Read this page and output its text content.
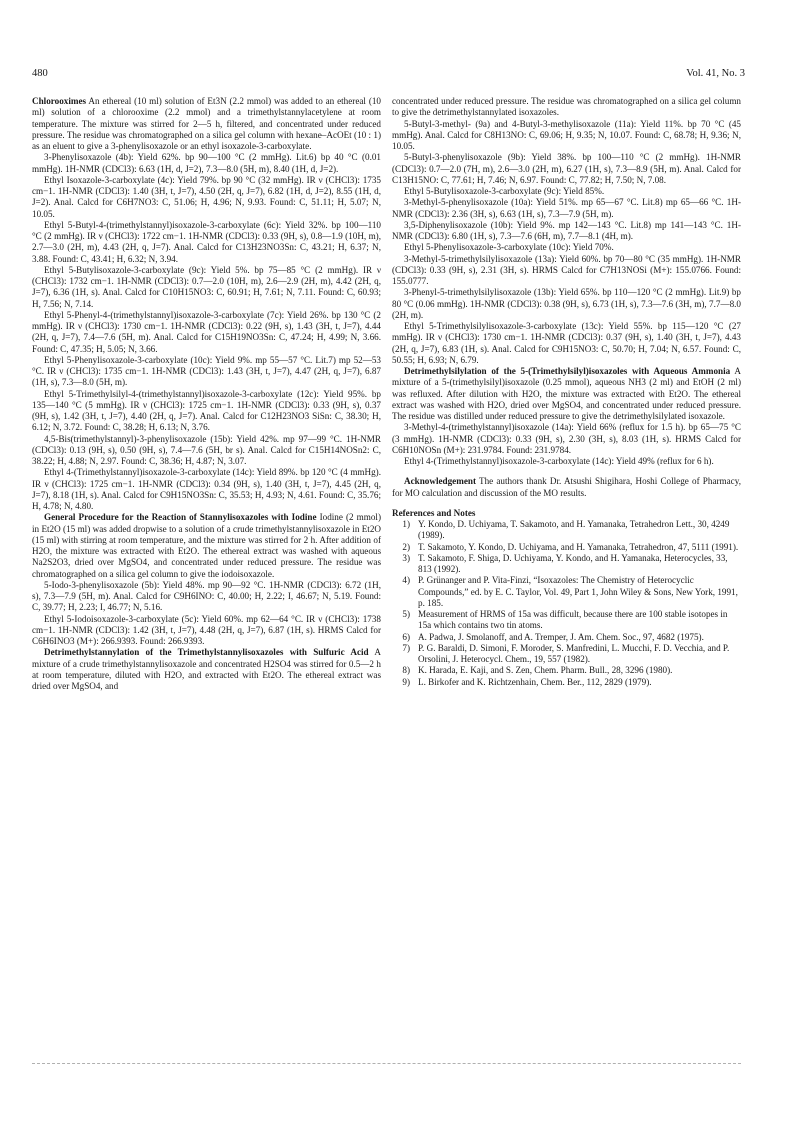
480	Vol. 41, No. 3

Chlorooximes An ethereal (10 ml) solution of Et3N (2.2 mmol) was added to an ethereal (10 ml) solution of a chlorooxime (2.2 mmol) and a trimethylstannylacetylene at room temperature. The mixture was stirred for 2—5 h, filtered, and concentrated under reduced pressure. The residue was chromatographed on a silica gel column with hexane–AcOEt (10 : 1) as an eluent to give a 3-phenylisoxazole or an ethyl isoxazole-3-carboxylate.

3-Phenylisoxazole (4b): Yield 62%. bp 90—100 °C (2 mmHg). Lit.6) bp 40 °C (0.01 mmHg). 1H-NMR (CDCl3): 6.63 (1H, d, J=2), 7.3—8.0 (5H, m), 8.40 (1H, d, J=2).

Ethyl Isoxazole-3-carboxylate (4c): Yield 79%. bp 90 °C (32 mmHg). IR ν (CHCl3): 1735 cm−1. 1H-NMR (CDCl3): 1.40 (3H, t, J=7), 4.50 (2H, q, J=7), 6.82 (1H, d, J=2), 8.55 (1H, d, J=2). Anal. Calcd for C6H7NO3: C, 51.06; H, 4.96; N, 9.93. Found: C, 51.11; H, 5.07; N, 10.05.

Ethyl 5-Butyl-4-(trimethylstannyl)isoxazole-3-carboxylate (6c): Yield 32%. bp 100—110 °C (2 mmHg). IR ν (CHCl3): 1722 cm−1. 1H-NMR (CDCl3): 0.33 (9H, s), 0.8—1.9 (10H, m), 2.7—3.0 (2H, m), 4.43 (2H, q, J=7). Anal. Calcd for C13H23NO3Sn: C, 43.21; H, 6.37; N, 3.88. Found: C, 43.41; H, 6.32; N, 3.94.

Ethyl 5-Butylisoxazole-3-carboxylate (9c): Yield 5%. bp 75—85 °C (2 mmHg). IR ν (CHCl3): 1732 cm−1. 1H-NMR (CDCl3): 0.7—2.0 (10H, m), 2.6—2.9 (2H, m), 4.42 (2H, q, J=7), 6.36 (1H, s). Anal. Calcd for C10H15NO3: C, 60.91; H, 7.61; N, 7.11. Found: C, 60.93; H, 7.56; N, 7.14.

Ethyl 5-Phenyl-4-(trimethylstannyl)isoxazole-3-carboxylate (7c): Yield 26%. bp 130 °C (2 mmHg). IR ν (CHCl3): 1730 cm−1. 1H-NMR (CDCl3): 0.22 (9H, s), 1.43 (3H, t, J=7), 4.44 (2H, q, J=7), 7.4—7.6 (5H, m). Anal. Calcd for C15H19NO3Sn: C, 47.24; H, 4.99; N, 3.66. Found: C, 47.35; H, 5.05; N, 3.66.

Ethyl 5-Phenylisoxazole-3-carboxylate (10c): Yield 9%. mp 55—57 °C. Lit.7) mp 52—53 °C. IR ν (CHCl3): 1735 cm−1. 1H-NMR (CDCl3): 1.43 (3H, t, J=7), 4.47 (2H, q, J=7), 6.87 (1H, s), 7.3—8.0 (5H, m).

Ethyl 5-Trimethylsilyl-4-(trimethylstannyl)isoxazole-3-carboxylate (12c): Yield 95%. bp 135—140 °C (5 mmHg). IR ν (CHCl3): 1725 cm−1. 1H-NMR (CDCl3): 0.33 (9H, s), 0.37 (9H, s), 1.42 (3H, t, J=7), 4.40 (2H, q, J=7). Anal. Calcd for C12H23NO3 SiSn: C, 38.30; H, 6.12; N, 3.72. Found: C, 38.28; H, 6.13; N, 3.76.

4,5-Bis(trimethylstannyl)-3-phenylisoxazole (15b): Yield 42%. mp 97—99 °C. 1H-NMR (CDCl3): 0.13 (9H, s), 0.50 (9H, s), 7.4—7.6 (5H, br s). Anal. Calcd for C15H14NOSn2: C, 38.22; H, 4.88; N, 2.97. Found: C, 38.36; H, 4.87; N, 3.07.

Ethyl 4-(Trimethylstannyl)isoxazole-3-carboxylate (14c): Yield 89%. bp 120 °C (4 mmHg). IR ν (CHCl3): 1725 cm−1. 1H-NMR (CDCl3): 0.34 (9H, s), 1.40 (3H, t, J=7), 4.45 (2H, q, J=7), 8.18 (1H, s). Anal. Calcd for C9H15NO3Sn: C, 35.53; H, 4.93; N, 4.61. Found: C, 35.76; H, 4.78; N, 4.80.

General Procedure for the Reaction of Stannylisoxazoles with Iodine Iodine (2 mmol) in Et2O (15 ml) was added dropwise to a solution of a crude trimethylstannylisoxazole in Et2O (15 ml) with stirring at room temperature, and the mixture was stirred for 2 h. After addition of H2O, the mixture was extracted with Et2O. The ethereal extract was washed with aqueous Na2S2O3, dried over MgSO4, and concentrated under reduced pressure. The residue was chromatographed on a silica gel column to give the iodoisoxazole.

5-Iodo-3-phenylisoxazole (5b): Yield 48%. mp 90—92 °C. 1H-NMR (CDCl3): 6.72 (1H, s), 7.3—7.9 (5H, m). Anal. Calcd for C9H6INO: C, 40.00; H, 2.22; I, 46.67; N, 5.19. Found: C, 39.77; H, 2.23; I, 46.77; N, 5.16.

Ethyl 5-Iodoisoxazole-3-carboxylate (5c): Yield 60%. mp 62—64 °C. IR ν (CHCl3): 1738 cm−1. 1H-NMR (CDCl3): 1.42 (3H, t, J=7), 4.48 (2H, q, J=7), 6.87 (1H, s). HRMS Calcd for C6H6INO3 (M+): 266.9393. Found: 266.9393.

Detrimethylstannylation of the Trimethylstannylisoxazoles with Sulfuric Acid A mixture of a crude trimethylstannylisoxazole and concentrated H2SO4 was stirred for 0.5—2 h at room temperature, diluted with H2O, and extracted with Et2O. The ethereal extract was dried over MgSO4, and

concentrated under reduced pressure. The residue was chromatographed on a silica gel column to give the detrimethylstannylated isoxazoles.

5-Butyl-3-methyl- (9a) and 4-Butyl-3-methylisoxazole (11a): Yield 11%. bp 70 °C (45 mmHg). Anal. Calcd for C8H13NO: C, 69.06; H, 9.35; N, 10.07. Found: C, 68.78; H, 9.36; N, 10.05.

5-Butyl-3-phenylisoxazole (9b): Yield 38%. bp 100—110 °C (2 mmHg). 1H-NMR (CDCl3): 0.7—2.0 (7H, m), 2.6—3.0 (2H, m), 6.27 (1H, s), 7.3—8.9 (5H, m). Anal. Calcd for C13H15NO: C, 77.61; H, 7.46; N, 6.97. Found: C, 77.82; H, 7.50; N, 7.08.

Ethyl 5-Butylisoxazole-3-carboxylate (9c): Yield 85%.

3-Methyl-5-phenylisoxazole (10a): Yield 51%. mp 65—67 °C. Lit.8) mp 65—66 °C. 1H-NMR (CDCl3): 2.36 (3H, s), 6.63 (1H, s), 7.3—7.9 (5H, m).

3,5-Diphenylisoxazole (10b): Yield 9%. mp 142—143 °C. Lit.8) mp 141—143 °C. 1H-NMR (CDCl3): 6.80 (1H, s), 7.3—7.6 (6H, m), 7.7—8.1 (4H, m).

Ethyl 5-Phenylisoxazole-3-carboxylate (10c): Yield 70%.

3-Methyl-5-trimethylsilylisoxazole (13a): Yield 60%. bp 70—80 °C (35 mmHg). 1H-NMR (CDCl3): 0.33 (9H, s), 2.31 (3H, s). HRMS Calcd for C7H13NOSi (M+): 155.0766. Found: 155.0777.

3-Phenyl-5-trimethylsilylisoxazole (13b): Yield 65%. bp 110—120 °C (2 mmHg). Lit.9) bp 80 °C (0.06 mmHg). 1H-NMR (CDCl3): 0.38 (9H, s), 6.73 (1H, s), 7.3—7.6 (3H, m), 7.7—8.0 (2H, m).

Ethyl 5-Trimethylsilylisoxazole-3-carboxylate (13c): Yield 55%. bp 115—120 °C (27 mmHg). IR ν (CHCl3): 1730 cm−1. 1H-NMR (CDCl3): 0.37 (9H, s), 1.40 (3H, t, J=7), 4.43 (2H, q, J=7), 6.83 (1H, s). Anal. Calcd for C9H15NO3: C, 50.70; H, 7.04; N, 6.57. Found: C, 50.55; H, 6.93; N, 6.79.

Detrimethylsilylation of the 5-(Trimethylsilyl)isoxazoles with Aqueous Ammonia A mixture of a 5-(trimethylsilyl)isoxazole (0.25 mmol), aqueous NH3 (2 ml) and EtOH (2 ml) was refluxed. After dilution with H2O, the mixture was extracted with Et2O. The ethereal extract was washed with H2O, dried over MgSO4, and concentrated under reduced pressure. The residue was distilled under reduced pressure to give the detrimethylsilylated isoxazole.

3-Methyl-4-(trimethylstannyl)isoxazole (14a): Yield 66% (reflux for 1.5 h). bp 65—75 °C (3 mmHg). 1H-NMR (CDCl3): 0.33 (9H, s), 2.30 (3H, s), 8.03 (1H, s). HRMS Calcd for C6H10NOSn (M+): 231.9784. Found: 231.9784.

Ethyl 4-(Trimethylstannyl)isoxazole-3-carboxylate (14c): Yield 49% (reflux for 6 h).

Acknowledgement The authors thank Dr. Atsushi Shigihara, Hoshi College of Pharmacy, for MO calculation and discussion of the MO results.

References and Notes

1) Y. Kondo, D. Uchiyama, T. Sakamoto, and H. Yamanaka, Tetrahedron Lett., 30, 4249 (1989).
2) T. Sakamoto, Y. Kondo, D. Uchiyama, and H. Yamanaka, Tetrahedron, 47, 5111 (1991).
3) T. Sakamoto, F. Shiga, D. Uchiyama, Y. Kondo, and H. Yamanaka, Heterocycles, 33, 813 (1992).
4) P. Grünanger and P. Vita-Finzi, “Isoxazoles: The Chemistry of Heterocyclic Compounds,” ed. by E. C. Taylor, Vol. 49, Part 1, John Wiley & Sons, New York, 1991, p. 185.
5) Measurement of HRMS of 15a was difficult, because there are 100 stable isotopes in 15a which contains two tin atoms.
6) A. Padwa, J. Smolanoff, and A. Tremper, J. Am. Chem. Soc., 97, 4682 (1975).
7) P. G. Baraldi, D. Simoni, F. Moroder, S. Manfredini, L. Mucchi, F. D. Vecchia, and P. Orsolini, J. Heterocycl. Chem., 19, 557 (1982).
8) K. Harada, E. Kaji, and S. Zen, Chem. Pharm. Bull., 28, 3296 (1980).
9) L. Birkofer and K. Richtzenhain, Chem. Ber., 112, 2829 (1979).
